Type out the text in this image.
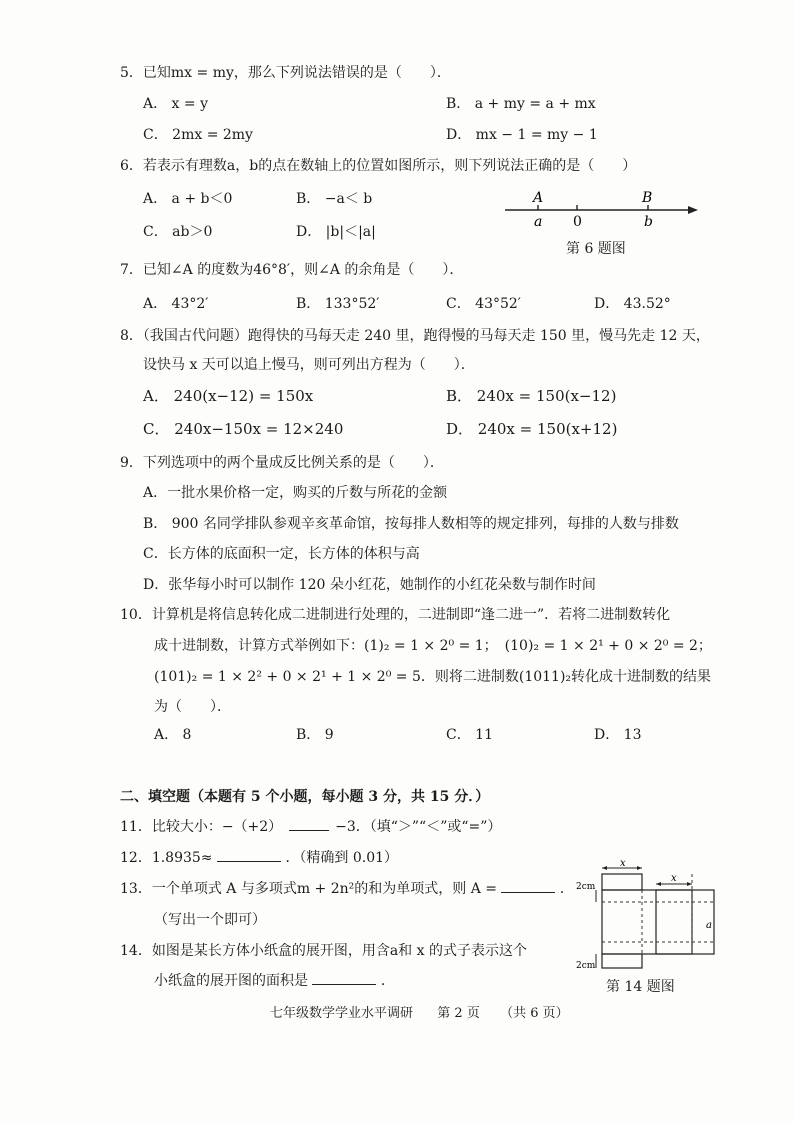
5．已知mx = my，那么下列说法错误的是（　　）．
A． x = y	B． a + my = a + mx
C． 2mx = 2my	D． mx − 1 = my − 1
6．若表示有理数a，b的点在数轴上的位置如图所示，则下列说法正确的是（　　）
A． a + b＜0	B． −a＜ b
C． ab＞0	D． |b|＜|a|
A	B
a 0	b
第 6 题图
7．已知∠A 的度数为46°8′，则∠A 的余角是（　　）．
A． 43°2′	B． 133°52′	C． 43°52′	D． 43.52°
8．（我国古代问题）跑得快的马每天走 240 里，跑得慢的马每天走 150 里，慢马先走 12 天，
设快马 x 天可以追上慢马，则可列出方程为（　　）．
A． 240(x−12) = 150x	B． 240x = 150(x−12)
C． 240x−150x = 12×240	D． 240x = 150(x+12)
9．下列选项中的两个量成反比例关系的是（　　）．
A．一批水果价格一定，购买的斤数与所花的金额
B． 900 名同学排队参观辛亥革命馆，按每排人数相等的规定排列，每排的人数与排数
C．长方体的底面积一定，长方体的体积与高
D．张华每小时可以制作 120 朵小红花，她制作的小红花朵数与制作时间
10．计算机是将信息转化成二进制进行处理的，二进制即“逢二进一”．若将二进制数转化
成十进制数，计算方式举例如下：(1)₂ = 1 × 2⁰ = 1；　(10)₂ = 1 × 2¹ + 0 × 2⁰ = 2；
(101)₂ = 1 × 2² + 0 × 2¹ + 1 × 2⁰ = 5．则将二进制数(1011)₂转化成十进制数的结果
为（　　）．
A． 8	B． 9	C． 11	D． 13
二、填空题（本题有 5 个小题，每小题 3 分，共 15 分．）
11．比较大小：−（+2）	−3．（填“＞”“＜”或“=”）
12．1.8935≈	．（精确到 0.01）
13．一个单项式 A 与多项式m + 2n²的和为单项式，则 A =	．
（写出一个即可）
14．如图是某长方体小纸盒的展开图，用含a和 x 的式子表示这个
小纸盒的展开图的面积是	．
x
x
2cm
2cm
a
第 14 题图
七年级数学学业水平调研 第 2 页 （共 6 页）
